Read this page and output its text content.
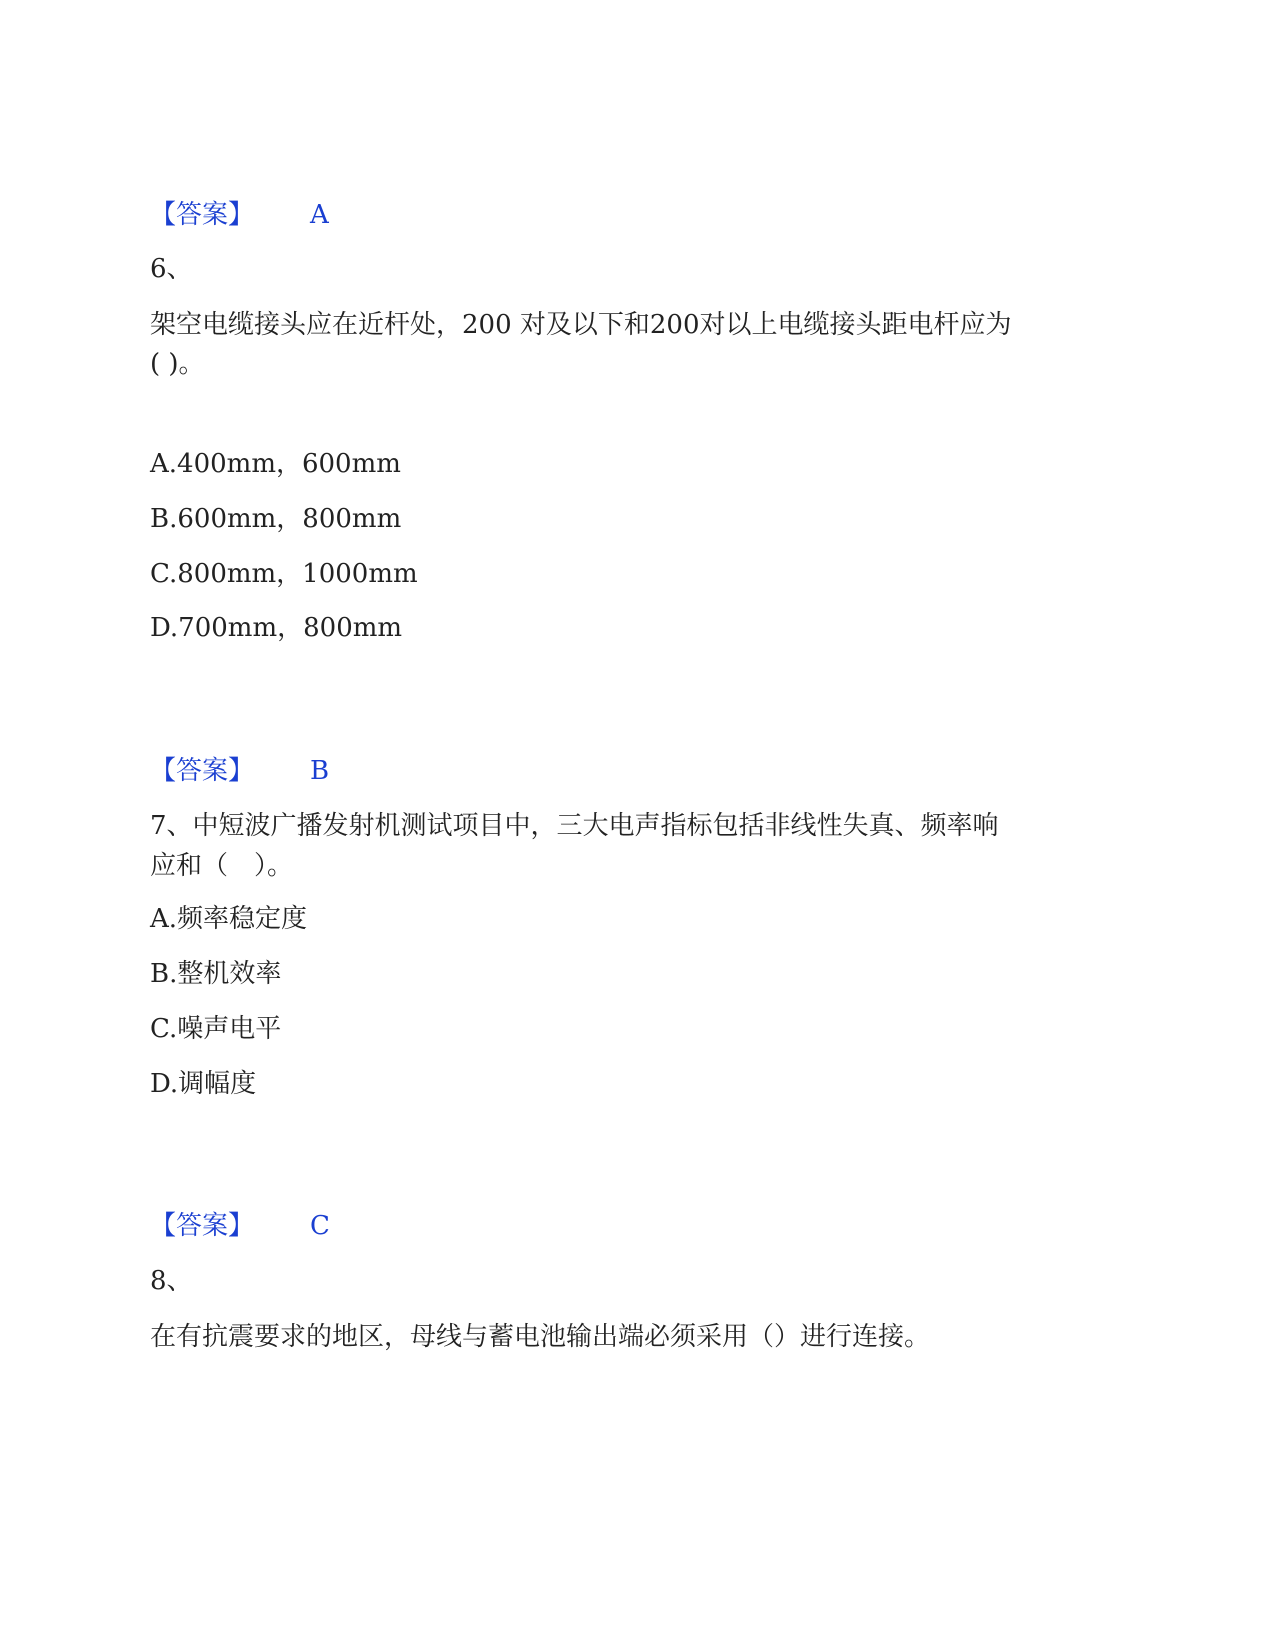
【答案】 A

6、

架空电缆接头应在近杆处，200 对及以下和200对以上电缆接头距电杆应为

( )。

A.400mm，600mm

B.600mm，800mm

C.800mm，1000mm

D.700mm，800mm

【答案】 B

7、中短波广播发射机测试项目中，三大电声指标包括非线性失真、频率响

应和（　）。

A.频率稳定度

B.整机效率

C.噪声电平

D.调幅度

【答案】 C

8、

在有抗震要求的地区，母线与蓄电池输出端必须采用（）进行连接。
